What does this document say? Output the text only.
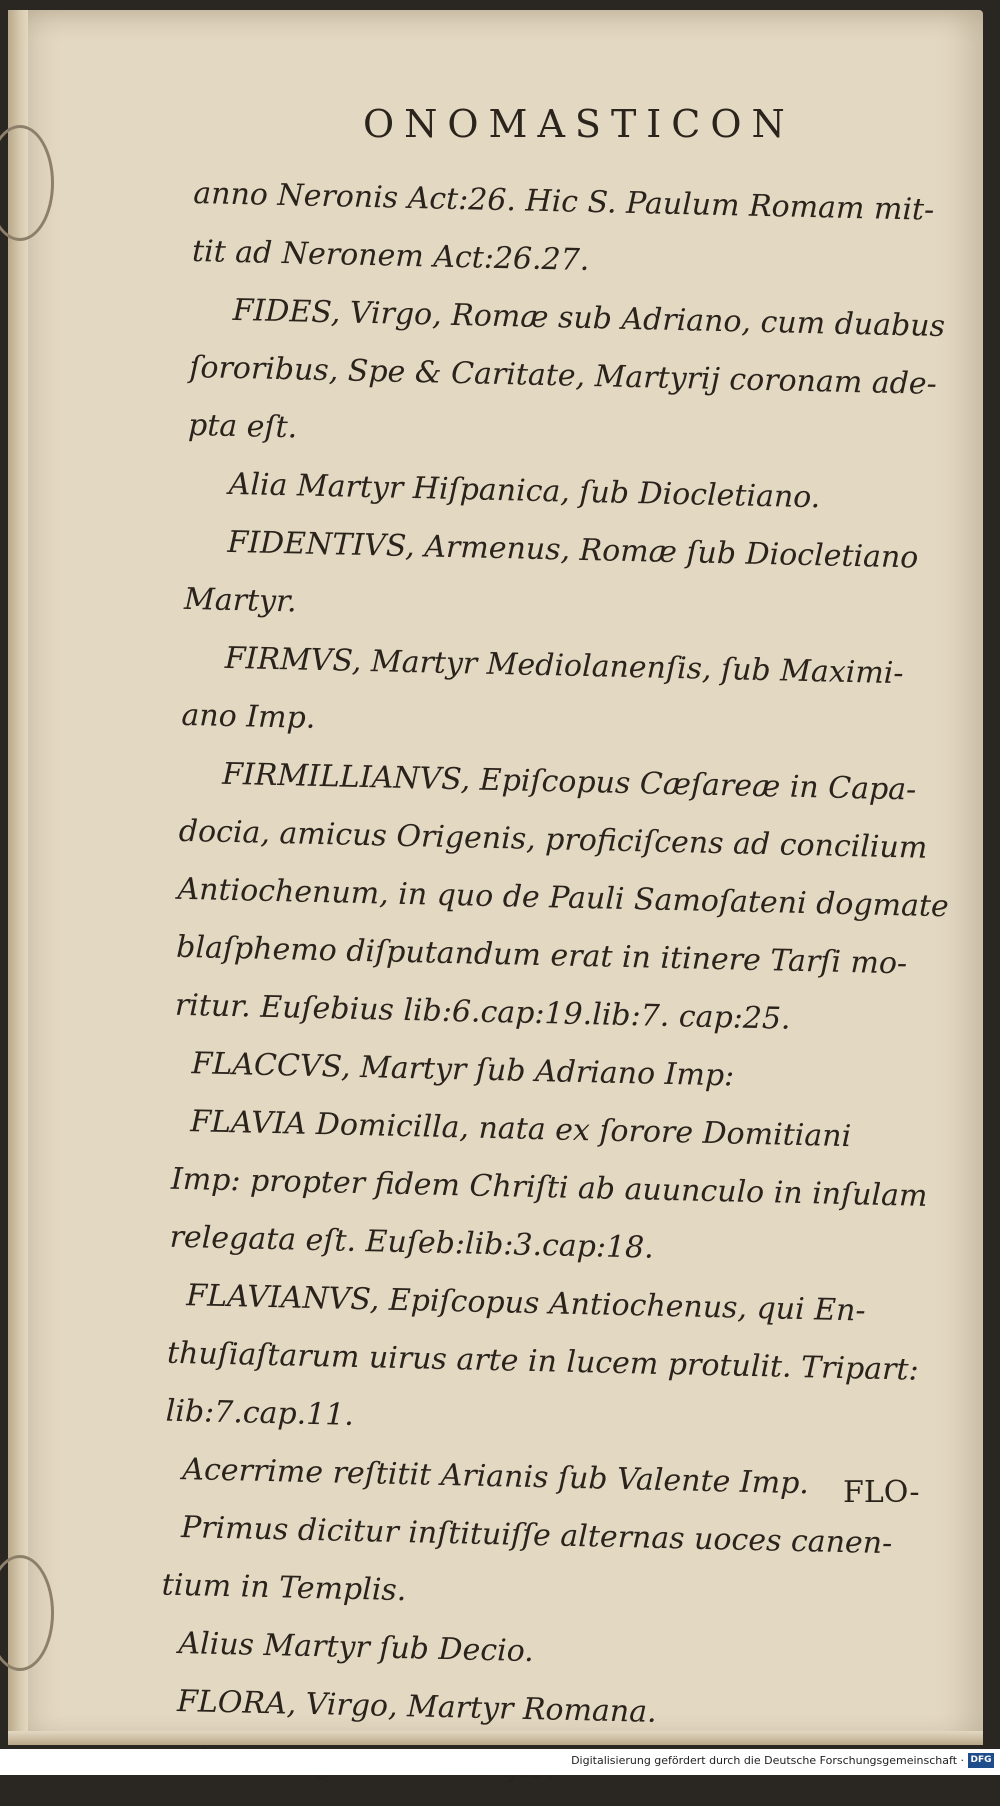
ONOMASTICON
anno Neronis Act:26. Hic S. Paulum Romam mit-
tit ad Neronem Act:26.27.
FIDES, Virgo, Romæ sub Adriano, cum duabus
ſororibus, Spe & Caritate, Martyrij coronam ade-
pta eſt.
Alia Martyr Hiſpanica, ſub Diocletiano.
FIDENTIVS, Armenus, Romæ ſub Diocletiano
Martyr.
FIRMVS, Martyr Mediolanenſis, ſub Maximi-
ano Imp.
FIRMILLIANVS, Epiſcopus Cæſareæ in Capa-
docia, amicus Origenis, proficiſcens ad concilium
Antiochenum, in quo de Pauli Samoſateni dogmate
blaſphemo diſputandum erat in itinere Tarſi mo-
ritur. Euſebius lib:6.cap:19.lib:7. cap:25.
FLACCVS, Martyr ſub Adriano Imp:
FLAVIA Domicilla, nata ex ſorore Domitiani
Imp: propter fidem Chriſti ab auunculo in inſulam
relegata eſt. Euſeb:lib:3.cap:18.
FLAVIANVS, Epiſcopus Antiochenus, qui En-
thuſiaſtarum uirus arte in lucem protulit. Tripart:
lib:7.cap.11.
Acerrime reſtitit Arianis ſub Valente Imp.
Primus dicitur inſtituiſſe alternas uoces canen-
tium in Templis.
Alius Martyr ſub Decio.
FLORA, Virgo, Martyr Romana.
FLO-
Digitalisierung gefördert durch die Deutsche Forschungsgemeinschaft · DFG
